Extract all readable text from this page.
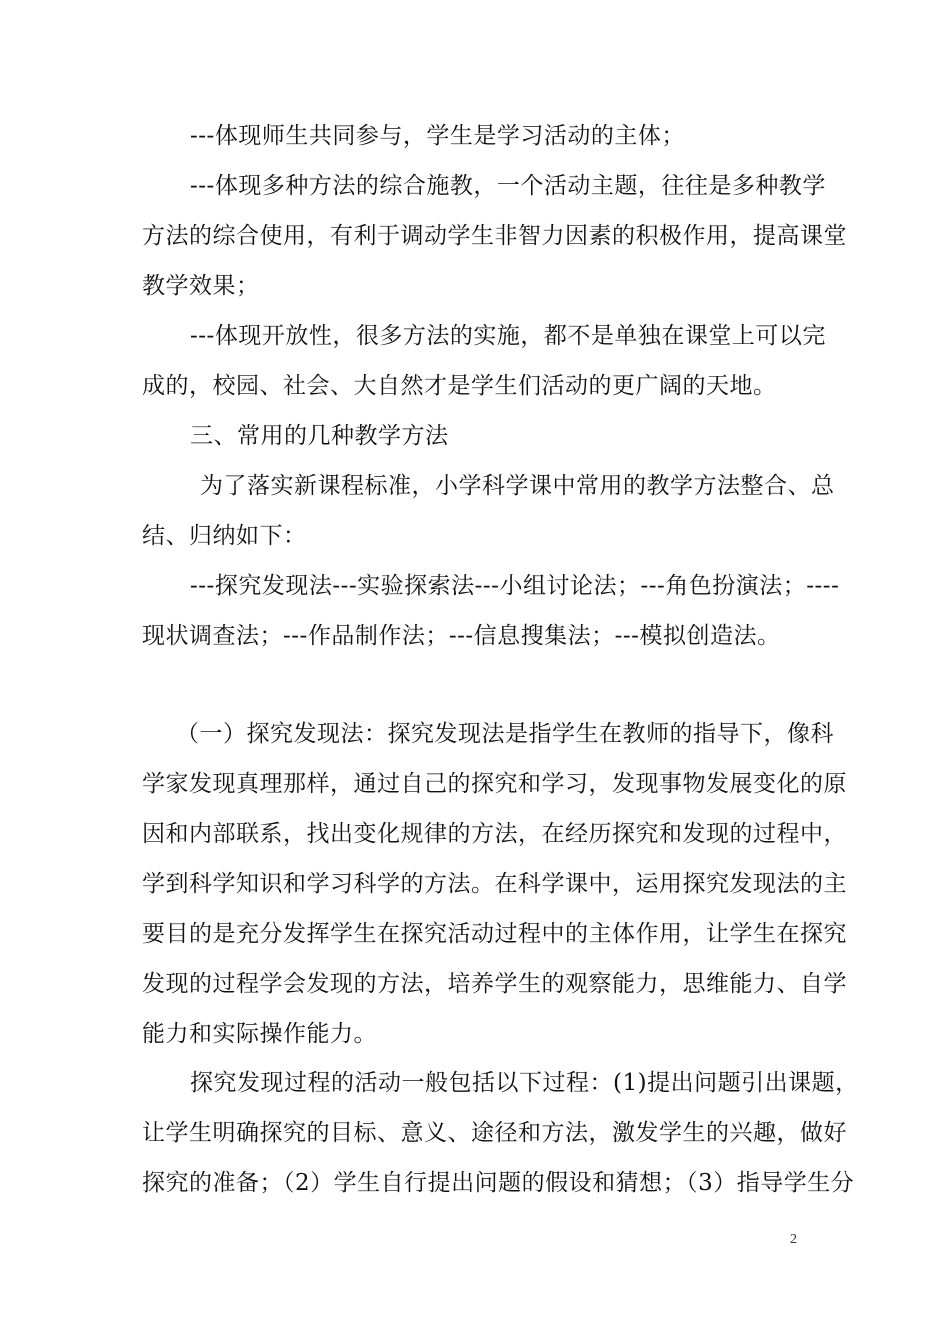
---体现师生共同参与，学生是学习活动的主体；
---体现多种方法的综合施教，一个活动主题，往往是多种教学
方法的综合使用，有利于调动学生非智力因素的积极作用，提高课堂
教学效果；
---体现开放性，很多方法的实施，都不是单独在课堂上可以完
成的，校园、社会、大自然才是学生们活动的更广阔的天地。
三、常用的几种教学方法
为了落实新课程标准，小学科学课中常用的教学方法整合、总
结、归纳如下：
---探究发现法---实验探索法---小组讨论法；---角色扮演法；----
现状调查法；---作品制作法；---信息搜集法；---模拟创造法。
（一）探究发现法：探究发现法是指学生在教师的指导下，像科
学家发现真理那样，通过自己的探究和学习，发现事物发展变化的原
因和内部联系，找出变化规律的方法，在经历探究和发现的过程中，
学到科学知识和学习科学的方法。在科学课中，运用探究发现法的主
要目的是充分发挥学生在探究活动过程中的主体作用，让学生在探究
发现的过程学会发现的方法，培养学生的观察能力，思维能力、自学
能力和实际操作能力。
探究发现过程的活动一般包括以下过程：(1)提出问题引出课题，
让学生明确探究的目标、意义、途径和方法，激发学生的兴趣，做好
探究的准备；（2）学生自行提出问题的假设和猜想；（3）指导学生分
2
